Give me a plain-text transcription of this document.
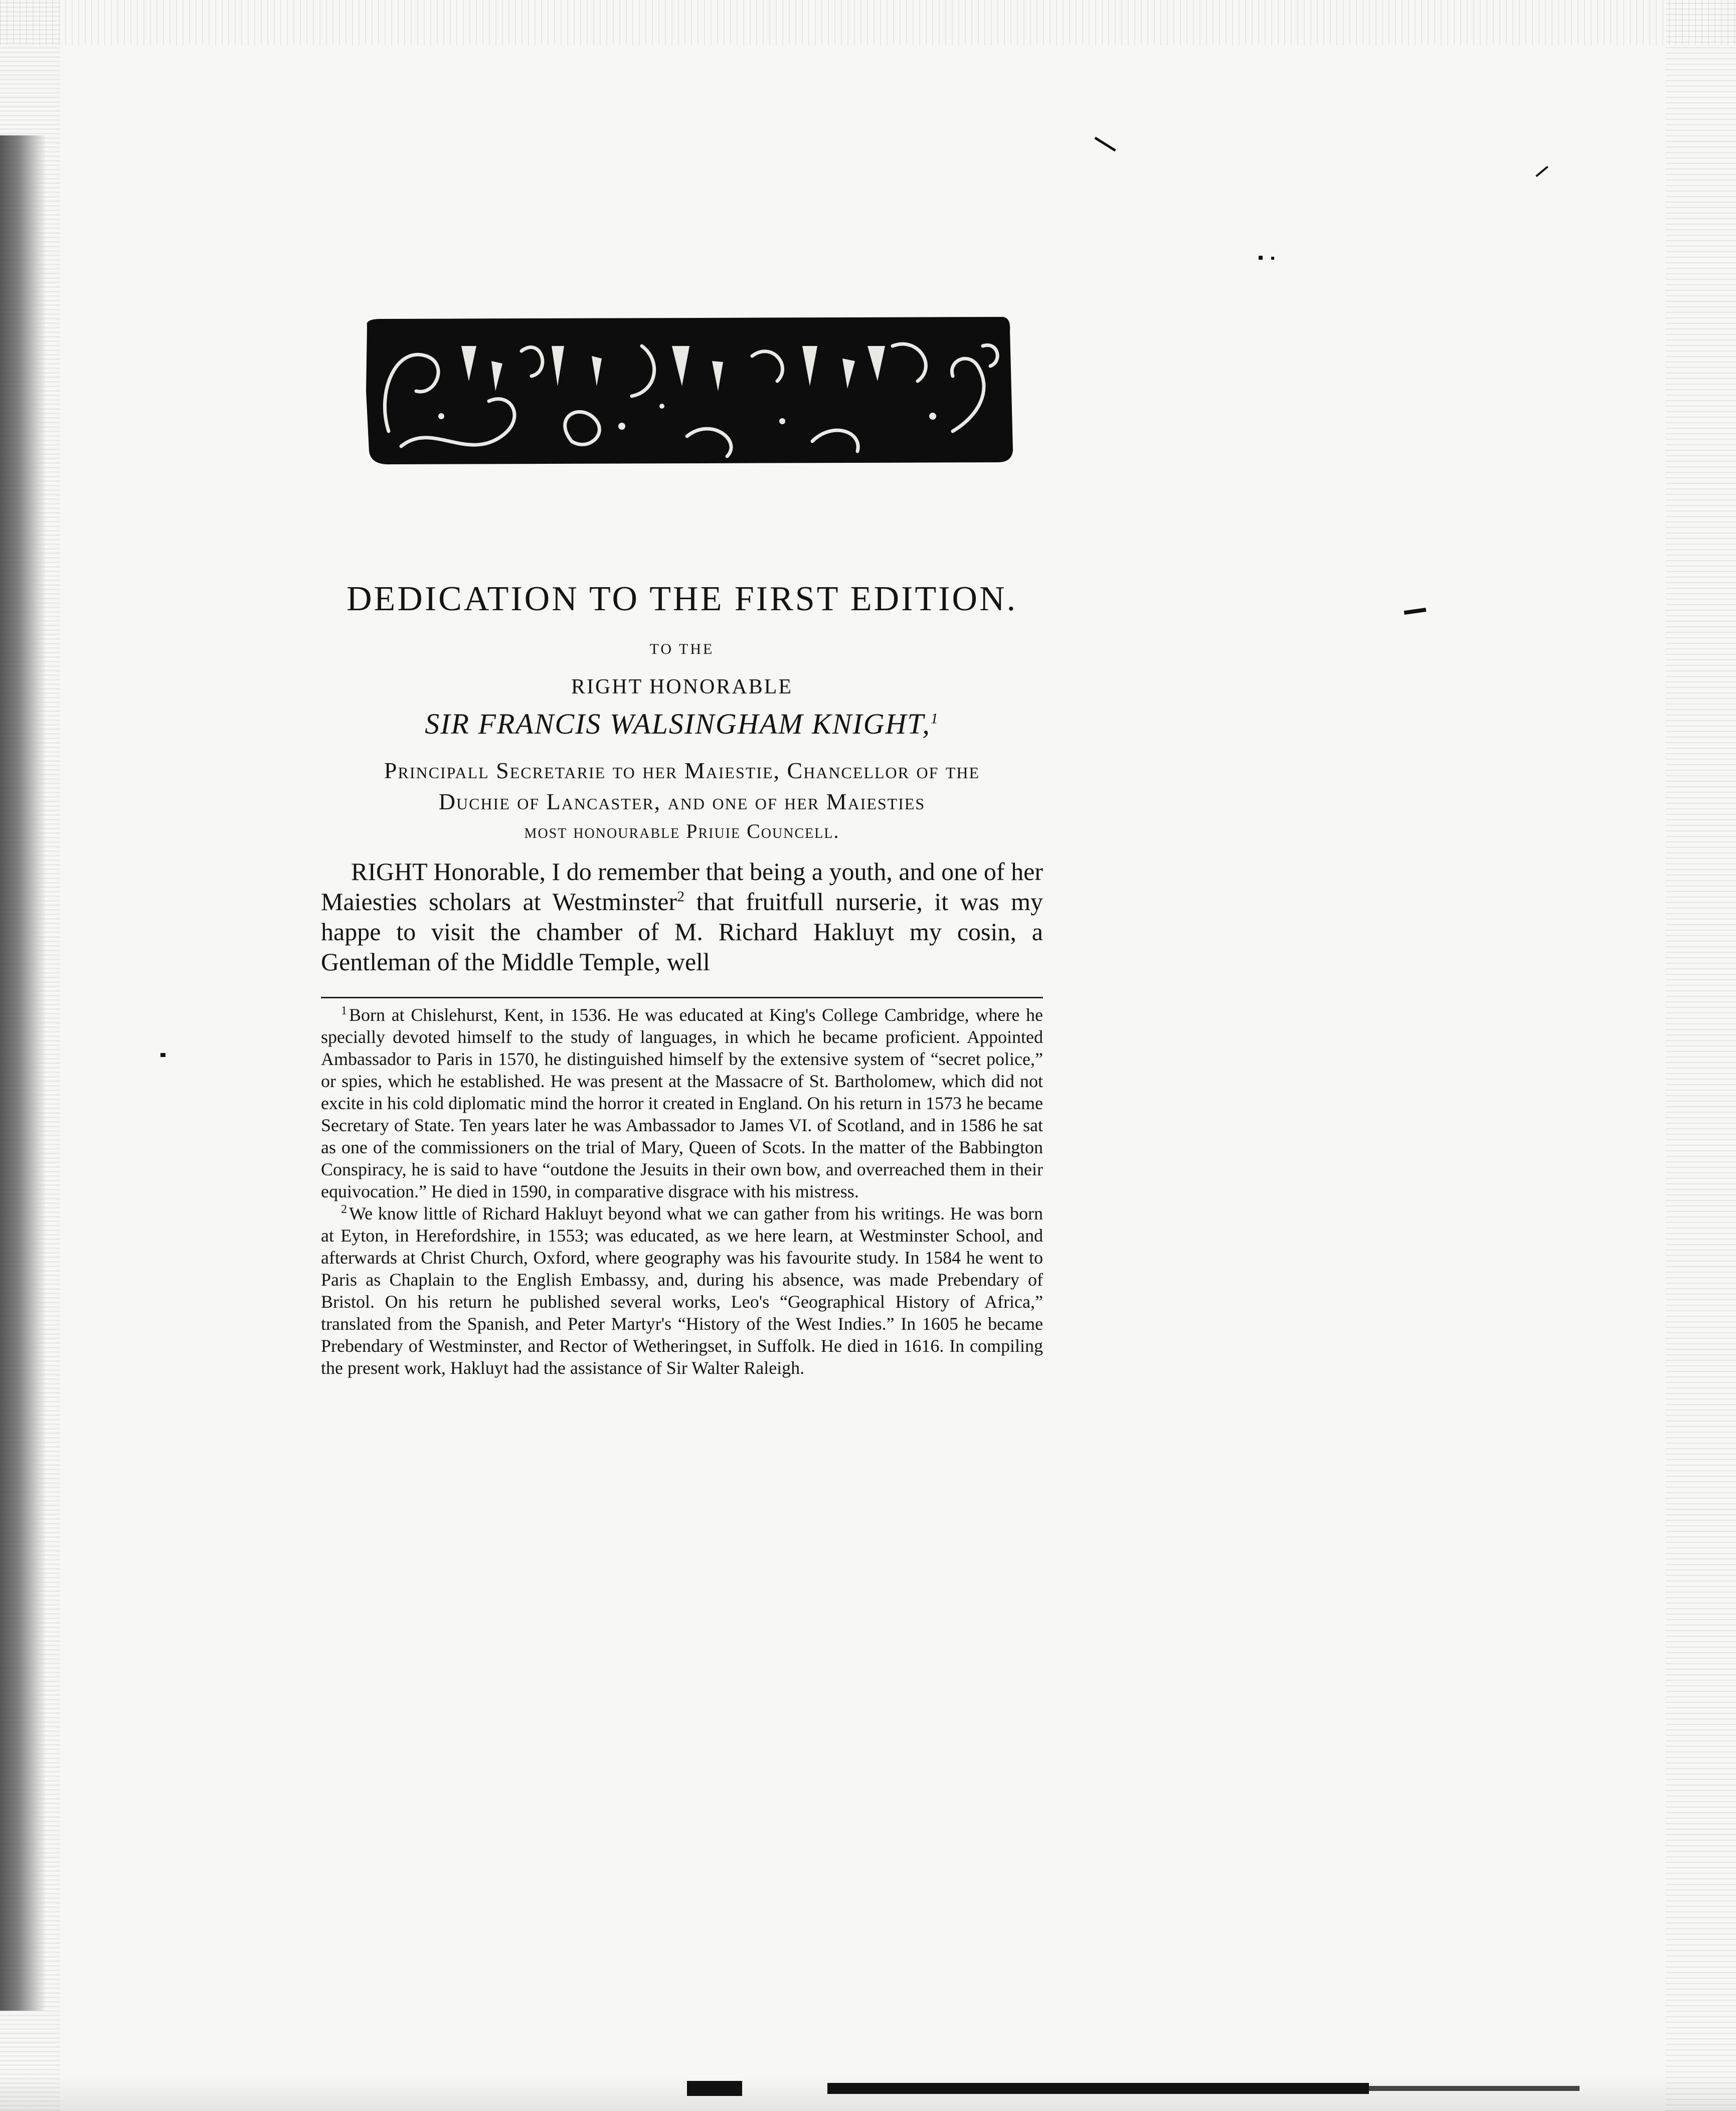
DEDICATION TO THE FIRST EDITION.
TO THE
RIGHT HONORABLE
SIR FRANCIS WALSINGHAM KNIGHT,$^1$
Principall Secretarie to her Maiestie, Chancellor of the
Duchie of Lancaster, and one of her Maiesties
most honourable Priuie Councell.

RIGHT Honorable, I do remember that being a youth, and one of her Maiesties scholars at Westminster$^2$ that fruitfull nurserie, it was my happe to visit the chamber of M. Richard Hakluyt my cosin, a Gentleman of the Middle Temple, well

$^1$ Born at Chislehurst, Kent, in 1536. He was educated at King's College Cambridge, where he specially devoted himself to the study of languages, in which he became proficient. Appointed Ambassador to Paris in 1570, he distinguished himself by the extensive system of “secret police,” or spies, which he established. He was present at the Massacre of St. Bartholomew, which did not excite in his cold diplomatic mind the horror it created in England. On his return in 1573 he became Secretary of State. Ten years later he was Ambassador to James VI. of Scotland, and in 1586 he sat as one of the commissioners on the trial of Mary, Queen of Scots. In the matter of the Babbington Conspiracy, he is said to have “outdone the Jesuits in their own bow, and overreached them in their equivocation.” He died in 1590, in comparative disgrace with his mistress.

$^2$ We know little of Richard Hakluyt beyond what we can gather from his writings. He was born at Eyton, in Herefordshire, in 1553; was educated, as we here learn, at Westminster School, and afterwards at Christ Church, Oxford, where geography was his favourite study. In 1584 he went to Paris as Chaplain to the English Embassy, and, during his absence, was made Prebendary of Bristol. On his return he published several works, Leo's “Geographical History of Africa,” translated from the Spanish, and Peter Martyr's “History of the West Indies.” In 1605 he became Prebendary of Westminster, and Rector of Wetheringset, in Suffolk. He died in 1616. In compiling the present work, Hakluyt had the assistance of Sir Walter Raleigh.
